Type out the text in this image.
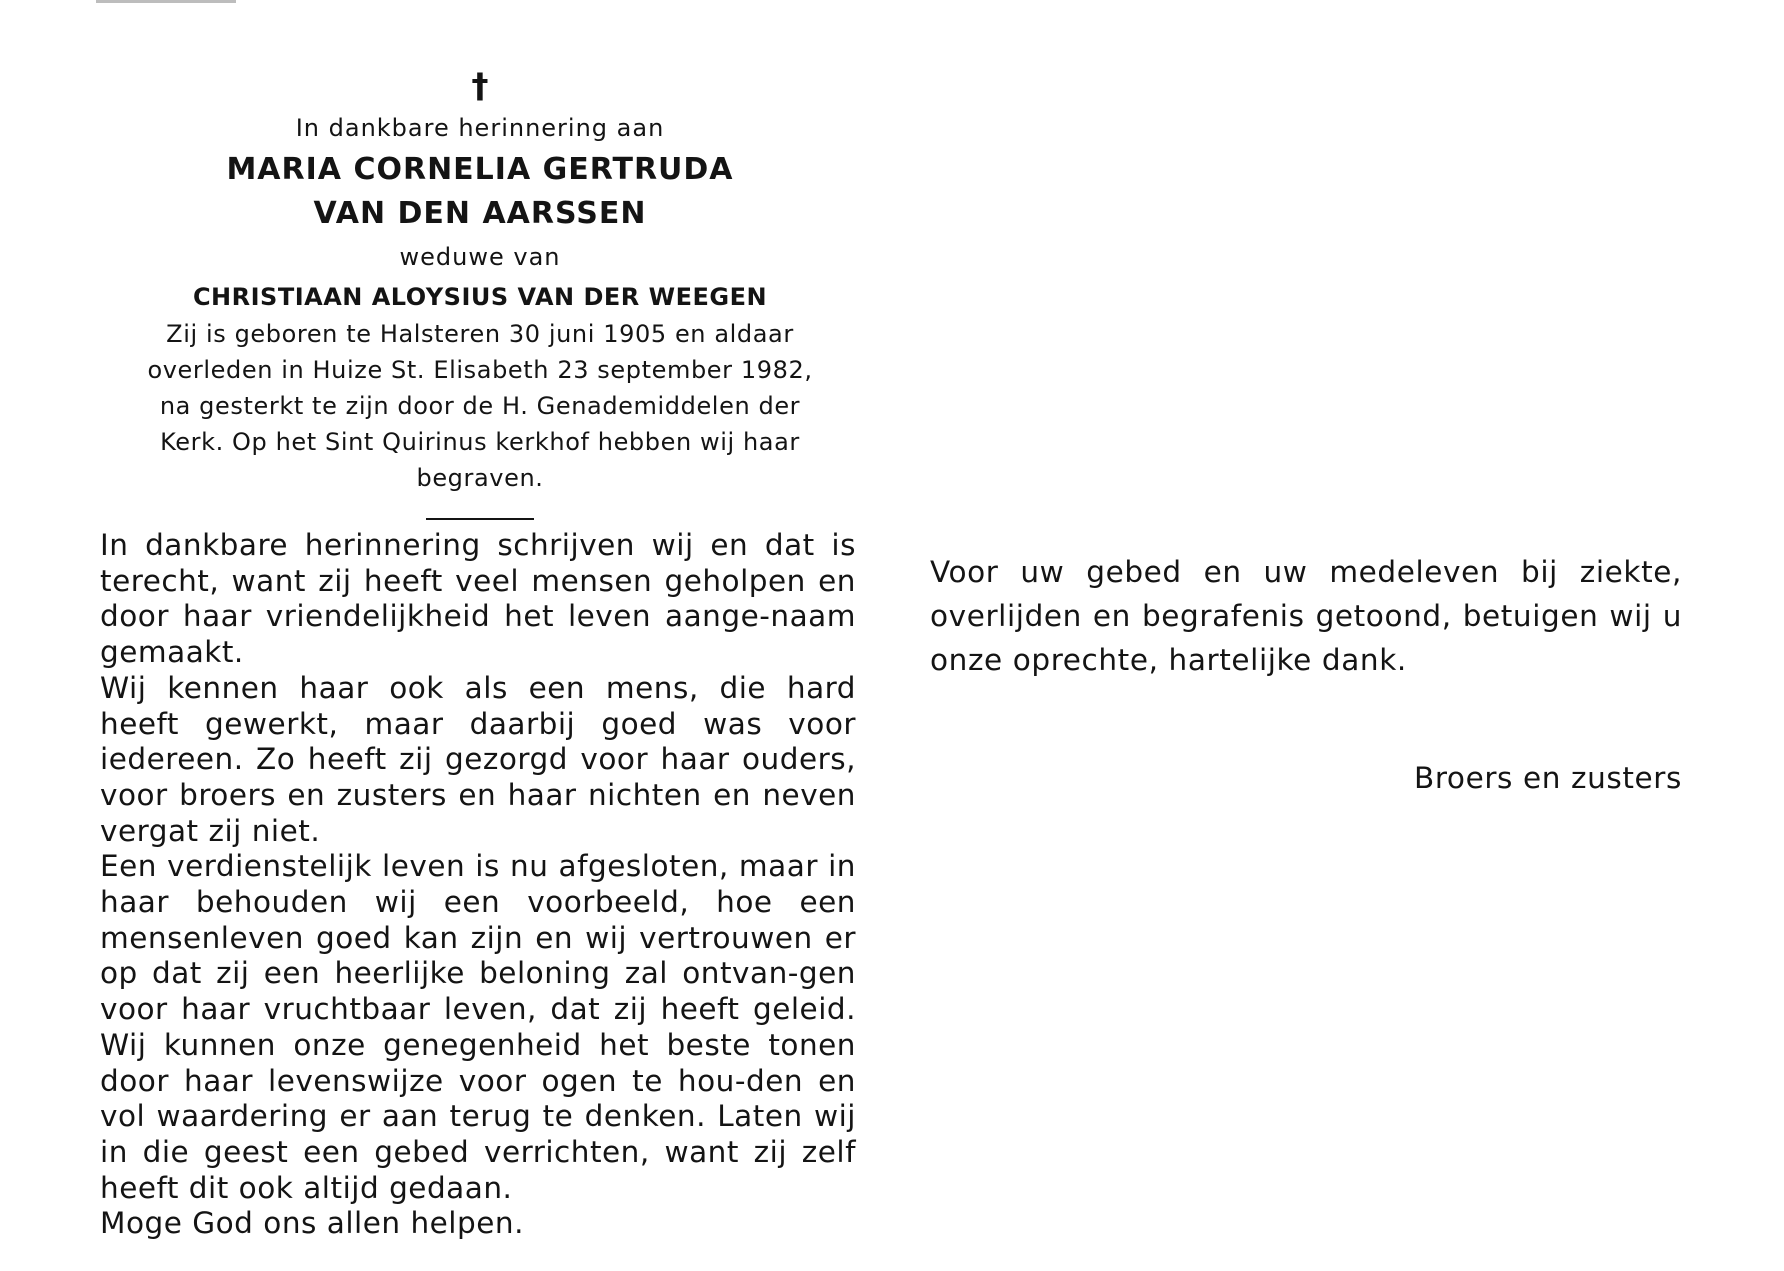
†
In dankbare herinnering aan
MARIA CORNELIA GERTRUDA
VAN DEN AARSSEN
weduwe van
CHRISTIAAN ALOYSIUS VAN DER WEEGEN
Zij is geboren te Halsteren 30 juni 1905 en aldaar overleden in Huize St. Elisabeth 23 september 1982, na gesterkt te zijn door de H. Genademiddelen der Kerk. Op het Sint Quirinus kerkhof hebben wij haar begraven.

In dankbare herinnering schrijven wij en dat is terecht, want zij heeft veel mensen geholpen en door haar vriendelijkheid het leven aange-naam gemaakt.

Wij kennen haar ook als een mens, die hard heeft gewerkt, maar daarbij goed was voor iedereen. Zo heeft zij gezorgd voor haar ouders, voor broers en zusters en haar nichten en neven vergat zij niet.

Een verdienstelijk leven is nu afgesloten, maar in haar behouden wij een voorbeeld, hoe een mensenleven goed kan zijn en wij vertrouwen er op dat zij een heerlijke beloning zal ontvan-gen voor haar vruchtbaar leven, dat zij heeft geleid. Wij kunnen onze genegenheid het beste tonen door haar levenswijze voor ogen te hou-den en vol waardering er aan terug te denken. Laten wij in die geest een gebed verrichten, want zij zelf heeft dit ook altijd gedaan.

Moge God ons allen helpen.

Voor uw gebed en uw medeleven bij ziekte, overlijden en begrafenis getoond, betuigen wij u onze oprechte, hartelijke dank.

Broers en zusters
